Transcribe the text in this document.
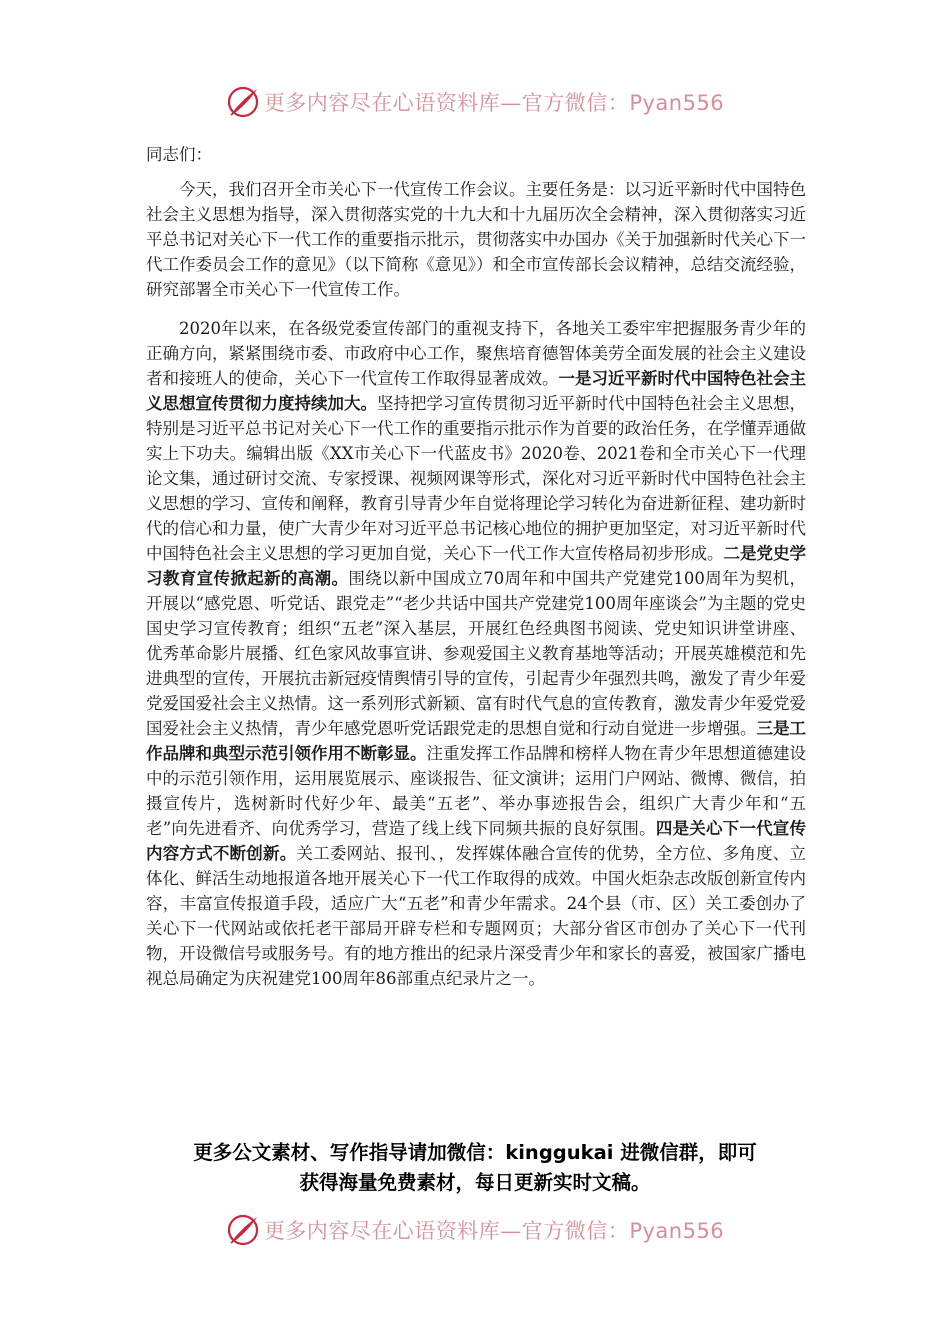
更多内容尽在心语资料库—官方微信：Pyan556

同志们：

今天，我们召开全市关心下一代宣传工作会议。主要任务是：以习近平新时代中国特色社会主义思想为指导，深入贯彻落实党的十九大和十九届历次全会精神，深入贯彻落实习近平总书记对关心下一代工作的重要指示批示，贯彻落实中办国办《关于加强新时代关心下一代工作委员会工作的意见》（以下简称《意见》）和全市宣传部长会议精神，总结交流经验，研究部署全市关心下一代宣传工作。

2020年以来，在各级党委宣传部门的重视支持下，各地关工委牢牢把握服务青少年的正确方向，紧紧围绕市委、市政府中心工作，聚焦培育德智体美劳全面发展的社会主义建设者和接班人的使命，关心下一代宣传工作取得显著成效。一是习近平新时代中国特色社会主义思想宣传贯彻力度持续加大。坚持把学习宣传贯彻习近平新时代中国特色社会主义思想，特别是习近平总书记对关心下一代工作的重要指示批示作为首要的政治任务，在学懂弄通做实上下功夫。编辑出版《XX市关心下一代蓝皮书》2020卷、2021卷和全市关心下一代理论文集，通过研讨交流、专家授课、视频网课等形式，深化对习近平新时代中国特色社会主义思想的学习、宣传和阐释，教育引导青少年自觉将理论学习转化为奋进新征程、建功新时代的信心和力量，使广大青少年对习近平总书记核心地位的拥护更加坚定，对习近平新时代中国特色社会主义思想的学习更加自觉，关心下一代工作大宣传格局初步形成。二是党史学习教育宣传掀起新的高潮。围绕以新中国成立70周年和中国共产党建党100周年为契机，开展以“感党恩、听党话、跟党走”“老少共话中国共产党建党100周年座谈会”为主题的党史国史学习宣传教育；组织“五老”深入基层，开展红色经典图书阅读、党史知识讲堂讲座、优秀革命影片展播、红色家风故事宣讲、参观爱国主义教育基地等活动；开展英雄模范和先进典型的宣传，开展抗击新冠疫情舆情引导的宣传，引起青少年强烈共鸣，激发了青少年爱党爱国爱社会主义热情。这一系列形式新颖、富有时代气息的宣传教育，激发青少年爱党爱国爱社会主义热情，青少年感党恩听党话跟党走的思想自觉和行动自觉进一步增强。三是工作品牌和典型示范引领作用不断彰显。注重发挥工作品牌和榜样人物在青少年思想道德建设中的示范引领作用，运用展览展示、座谈报告、征文演讲；运用门户网站、微博、微信，拍摄宣传片，选树新时代好少年、最美“五老”、举办事迹报告会，组织广大青少年和“五老”向先进看齐、向优秀学习，营造了线上线下同频共振的良好氛围。四是关心下一代宣传内容方式不断创新。关工委网站、报刊、，发挥媒体融合宣传的优势，全方位、多角度、立体化、鲜活生动地报道各地开展关心下一代工作取得的成效。中国火炬杂志改版创新宣传内容，丰富宣传报道手段，适应广大“五老”和青少年需求。24个县（市、区）关工委创办了关心下一代网站或依托老干部局开辟专栏和专题网页；大部分省区市创办了关心下一代刊物，开设微信号或服务号。有的地方推出的纪录片深受青少年和家长的喜爱，被国家广播电视总局确定为庆祝建党100周年86部重点纪录片之一。

更多公文素材、写作指导请加微信：kinggukai 进微信群，即可
获得海量免费素材，每日更新实时文稿。
更多内容尽在心语资料库—官方微信：Pyan556
